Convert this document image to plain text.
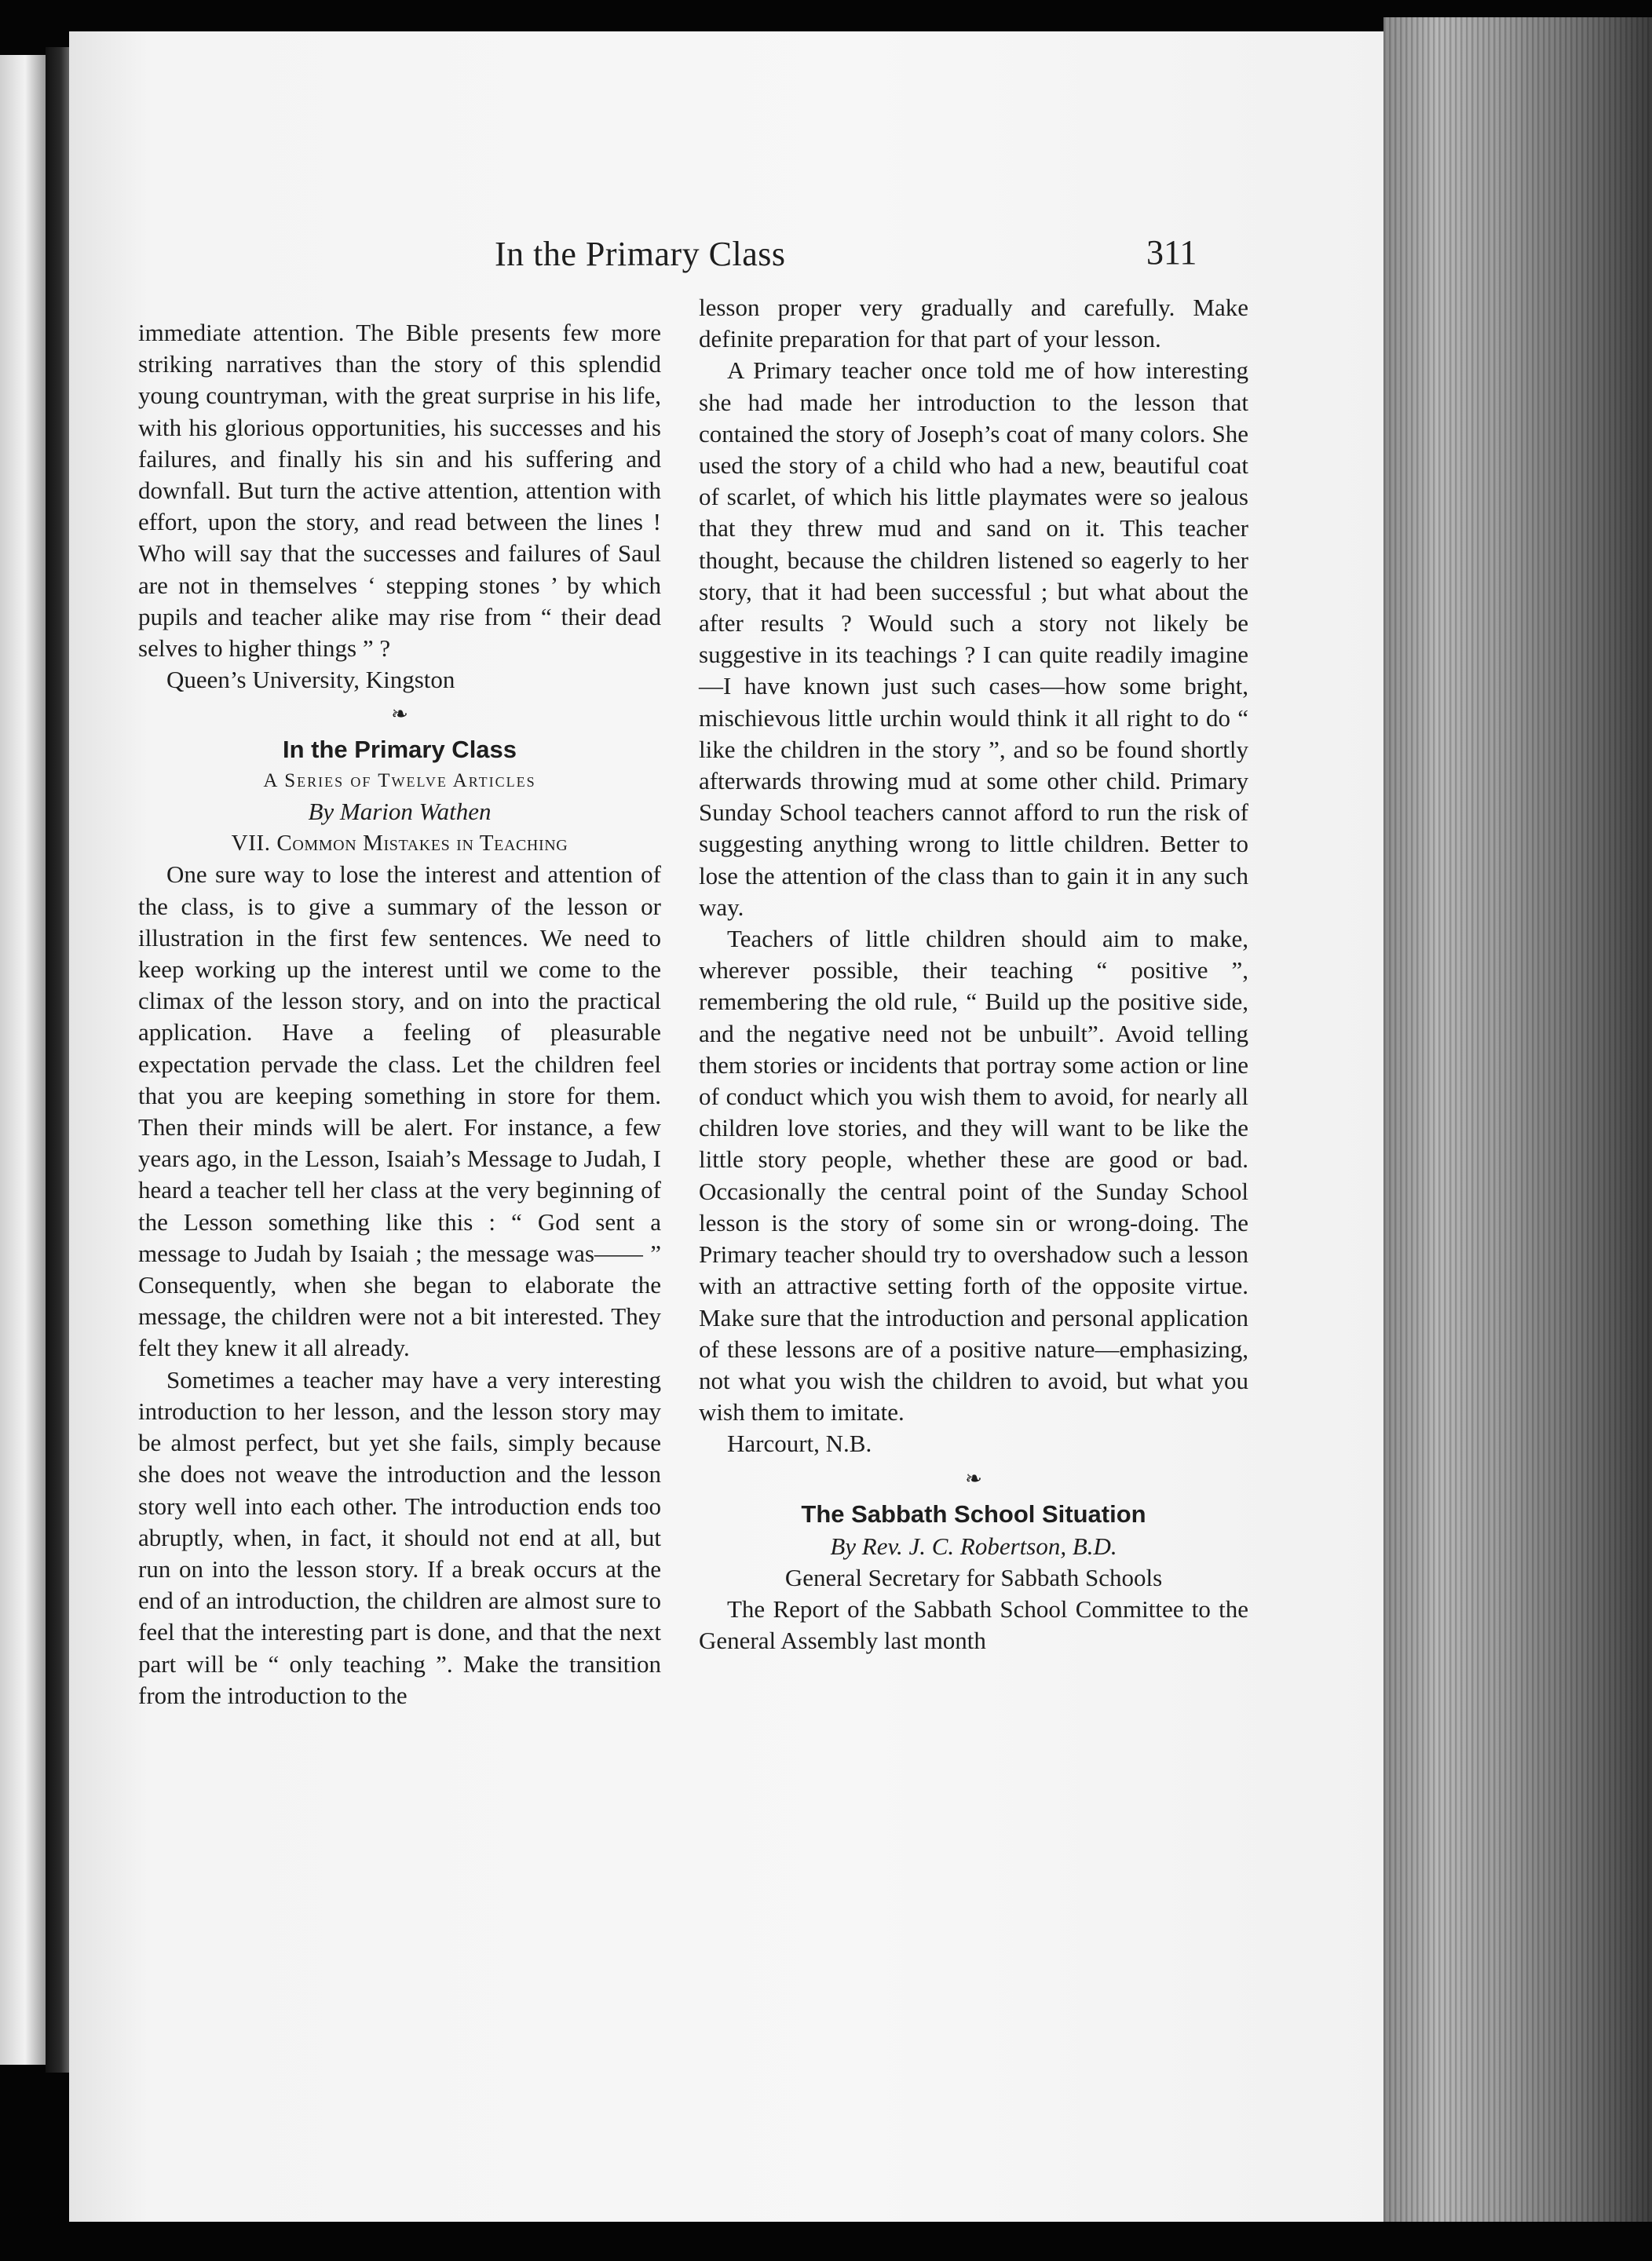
In the Primary Class	311

immediate attention. The Bible presents few more striking narratives than the story of this splendid young countryman, with the great surprise in his life, with his glorious opportunities, his successes and his failures, and finally his sin and his suffering and downfall. But turn the active attention, attention with effort, upon the story, and read between the lines ! Who will say that the successes and failures of Saul are not in themselves ‘ stepping stones ’ by which pupils and teacher alike may rise from “ their dead selves to higher things ” ?

Queen’s University, Kingston

❧
In the Primary Class
A Series of Twelve Articles
By Marion Wathen
VII. Common Mistakes in Teaching

One sure way to lose the interest and attention of the class, is to give a summary of the lesson or illustration in the first few sentences. We need to keep working up the interest until we come to the climax of the lesson story, and on into the practical application. Have a feeling of pleasurable expectation pervade the class. Let the children feel that you are keeping something in store for them. Then their minds will be alert. For instance, a few years ago, in the Lesson, Isaiah’s Message to Judah, I heard a teacher tell her class at the very beginning of the Lesson something like this : “ God sent a message to Judah by Isaiah ; the message was—— ” Consequently, when she began to elaborate the message, the children were not a bit interested. They felt they knew it all already.

Sometimes a teacher may have a very interesting introduction to her lesson, and the lesson story may be almost perfect, but yet she fails, simply because she does not weave the introduction and the lesson story well into each other. The introduction ends too abruptly, when, in fact, it should not end at all, but run on into the lesson story. If a break occurs at the end of an introduction, the children are almost sure to feel that the interesting part is done, and that the next part will be “ only teaching ”. Make the transition from the introduction to the

lesson proper very gradually and carefully. Make definite preparation for that part of your lesson.

A Primary teacher once told me of how interesting she had made her introduction to the lesson that contained the story of Joseph’s coat of many colors. She used the story of a child who had a new, beautiful coat of scarlet, of which his little playmates were so jealous that they threw mud and sand on it. This teacher thought, because the children listened so eagerly to her story, that it had been successful ; but what about the after results ? Would such a story not likely be suggestive in its teachings ? I can quite readily imagine—I have known just such cases—how some bright, mischievous little urchin would think it all right to do “ like the children in the story ”, and so be found shortly afterwards throwing mud at some other child. Primary Sunday School teachers cannot afford to run the risk of suggesting anything wrong to little children. Better to lose the attention of the class than to gain it in any such way.

Teachers of little children should aim to make, wherever possible, their teaching “ positive ”, remembering the old rule, “ Build up the positive side, and the negative need not be unbuilt”. Avoid telling them stories or incidents that portray some action or line of conduct which you wish them to avoid, for nearly all children love stories, and they will want to be like the little story people, whether these are good or bad. Occasionally the central point of the Sunday School lesson is the story of some sin or wrong-doing. The Primary teacher should try to overshadow such a lesson with an attractive setting forth of the opposite virtue. Make sure that the introduction and personal application of these lessons are of a positive nature—emphasizing, not what you wish the children to avoid, but what you wish them to imitate.

Harcourt, N.B.

❧
The Sabbath School Situation
By Rev. J. C. Robertson, B.D.
General Secretary for Sabbath Schools

The Report of the Sabbath School Committee to the General Assembly last month
